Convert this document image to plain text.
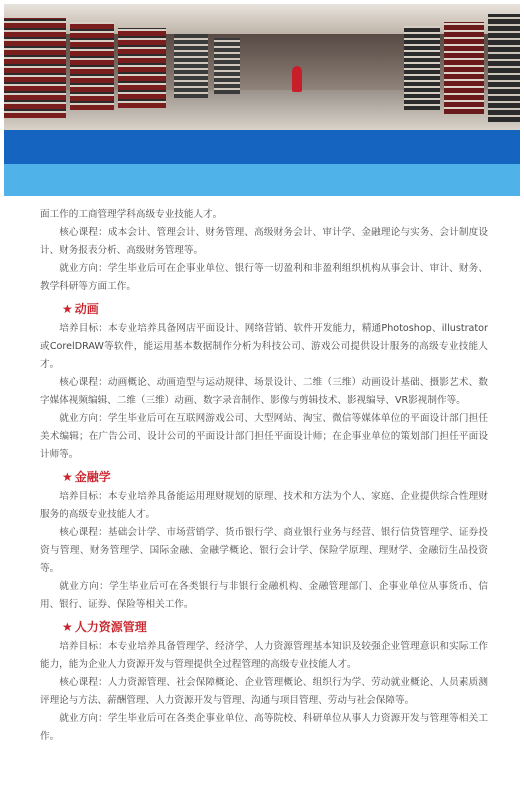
面工作的工商管理学科高级专业技能人才。

核心课程：成本会计、管理会计、财务管理、高级财务会计、审计学、金融理论与实务、会计制度设计、财务报表分析、高级财务管理等。

就业方向：学生毕业后可在企事业单位、银行等一切盈利和非盈利组织机构从事会计、审计、财务、教学科研等方面工作。

★ 动画

培养目标：本专业培养具备网店平面设计、网络营销、软件开发能力，精通Photoshop、illustrator或CorelDRAW等软件，能运用基本数据制作分析为科技公司、游戏公司提供设计服务的高级专业技能人才。

核心课程：动画概论、动画造型与运动规律、场景设计、二维（三维）动画设计基础、摄影艺术、数字媒体视频编辑、二维（三维）动画、数字录音制作、影像与剪辑技术、影视编导、VR影视制作等。

就业方向：学生毕业后可在互联网游戏公司、大型网站、淘宝、微信等媒体单位的平面设计部门担任美术编辑；在广告公司、设计公司的平面设计部门担任平面设计师；在企事业单位的策划部门担任平面设计师等。

★ 金融学

培养目标：本专业培养具备能运用理财规划的原理、技术和方法为个人、家庭、企业提供综合性理财服务的高级专业技能人才。

核心课程：基础会计学、市场营销学、货币银行学、商业银行业务与经营、银行信贷管理学、证券投资与管理、财务管理学、国际金融、金融学概论、银行会计学、保险学原理、理财学、金融衍生品投资等。

就业方向：学生毕业后可在各类银行与非银行金融机构、金融管理部门、企事业单位从事货币、信用、银行、证券、保险等相关工作。

★ 人力资源管理

培养目标：本专业培养具备管理学、经济学、人力资源管理基本知识及较强企业管理意识和实际工作能力，能为企业人力资源开发与管理提供全过程管理的高级专业技能人才。

核心课程：人力资源管理、社会保障概论、企业管理概论、组织行为学、劳动就业概论、人员素质测评理论与方法、薪酬管理、人力资源开发与管理、沟通与项目管理、劳动与社会保障等。

就业方向：学生毕业后可在各类企事业单位、高等院校、科研单位从事人力资源开发与管理等相关工作。
